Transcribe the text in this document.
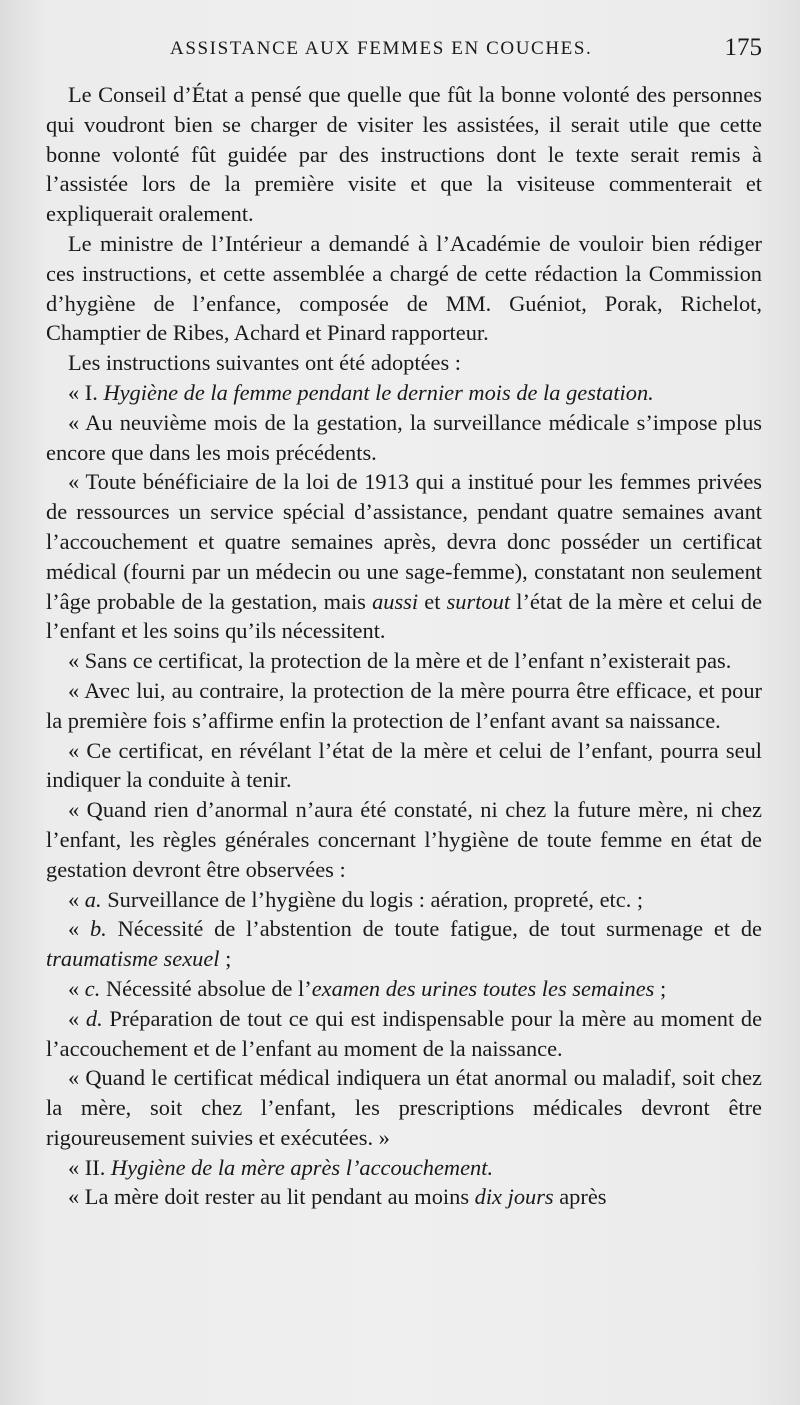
ASSISTANCE AUX FEMMES EN COUCHES.	175

Le Conseil d’État a pensé que quelle que fût la bonne volonté des personnes qui voudront bien se charger de visiter les assistées, il serait utile que cette bonne volonté fût guidée par des instructions dont le texte serait remis à l’assistée lors de la première visite et que la visiteuse commenterait et expliquerait oralement.

Le ministre de l’Intérieur a demandé à l’Académie de vouloir bien rédiger ces instructions, et cette assemblée a chargé de cette rédaction la Commission d’hygiène de l’enfance, composée de MM. Guéniot, Porak, Richelot, Champtier de Ribes, Achard et Pinard rapporteur.

Les instructions suivantes ont été adoptées :

« I. Hygiène de la femme pendant le dernier mois de la gestation.

« Au neuvième mois de la gestation, la surveillance médicale s’impose plus encore que dans les mois précédents.

« Toute bénéficiaire de la loi de 1913 qui a institué pour les femmes privées de ressources un service spécial d’assistance, pendant quatre semaines avant l’accouchement et quatre semaines après, devra donc posséder un certificat médical (fourni par un médecin ou une sage-femme), constatant non seulement l’âge probable de la gestation, mais aussi et surtout l’état de la mère et celui de l’enfant et les soins qu’ils nécessitent.

« Sans ce certificat, la protection de la mère et de l’enfant n’existerait pas.

« Avec lui, au contraire, la protection de la mère pourra être efficace, et pour la première fois s’affirme enfin la protection de l’enfant avant sa naissance.

« Ce certificat, en révélant l’état de la mère et celui de l’enfant, pourra seul indiquer la conduite à tenir.

« Quand rien d’anormal n’aura été constaté, ni chez la future mère, ni chez l’enfant, les règles générales concernant l’hygiène de toute femme en état de gestation devront être observées :

« a. Surveillance de l’hygiène du logis : aération, propreté, etc. ;

« b. Nécessité de l’abstention de toute fatigue, de tout surmenage et de traumatisme sexuel ;

« c. Nécessité absolue de l’examen des urines toutes les semaines ;

« d. Préparation de tout ce qui est indispensable pour la mère au moment de l’accouchement et de l’enfant au moment de la naissance.

« Quand le certificat médical indiquera un état anormal ou maladif, soit chez la mère, soit chez l’enfant, les prescriptions médicales devront être rigoureusement suivies et exécutées. »

« II. Hygiène de la mère après l’accouchement.

« La mère doit rester au lit pendant au moins dix jours après
